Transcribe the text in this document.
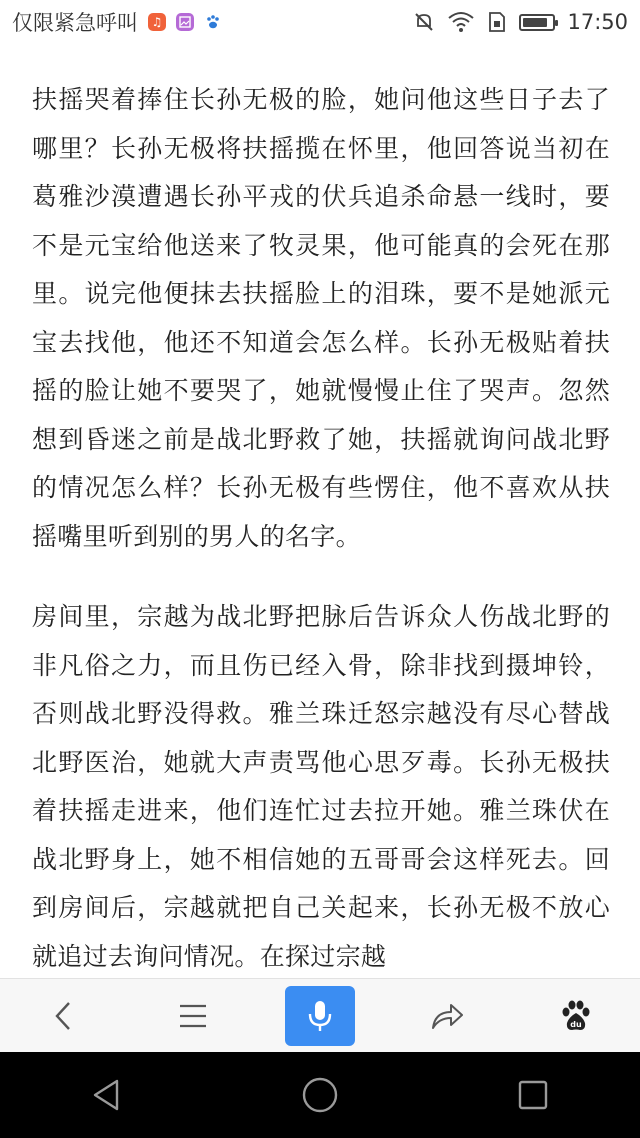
仅限紧急呼叫	♫	17:50

扶摇哭着捧住长孙无极的脸，她问他这些日子去了哪里？长孙无极将扶摇揽在怀里，他回答说当初在葛雅沙漠遭遇长孙平戎的伏兵追杀命悬一线时，要不是元宝给他送来了牧灵果，他可能真的会死在那里。说完他便抹去扶摇脸上的泪珠，要不是她派元宝去找他，他还不知道会怎么样。长孙无极贴着扶摇的脸让她不要哭了，她就慢慢止住了哭声。忽然想到昏迷之前是战北野救了她，扶摇就询问战北野的情况怎么样？长孙无极有些愣住，他不喜欢从扶摇嘴里听到别的男人的名字。

房间里，宗越为战北野把脉后告诉众人伤战北野的非凡俗之力，而且伤已经入骨，除非找到摄坤铃，否则战北野没得救。雅兰珠迁怒宗越没有尽心替战北野医治，她就大声责骂他心思歹毒。长孙无极扶着扶摇走进来，他们连忙过去拉开她。雅兰珠伏在战北野身上，她不相信她的五哥哥会这样死去。回到房间后，宗越就把自己关起来，长孙无极不放心就追过去询问情况。在探过宗越

du
